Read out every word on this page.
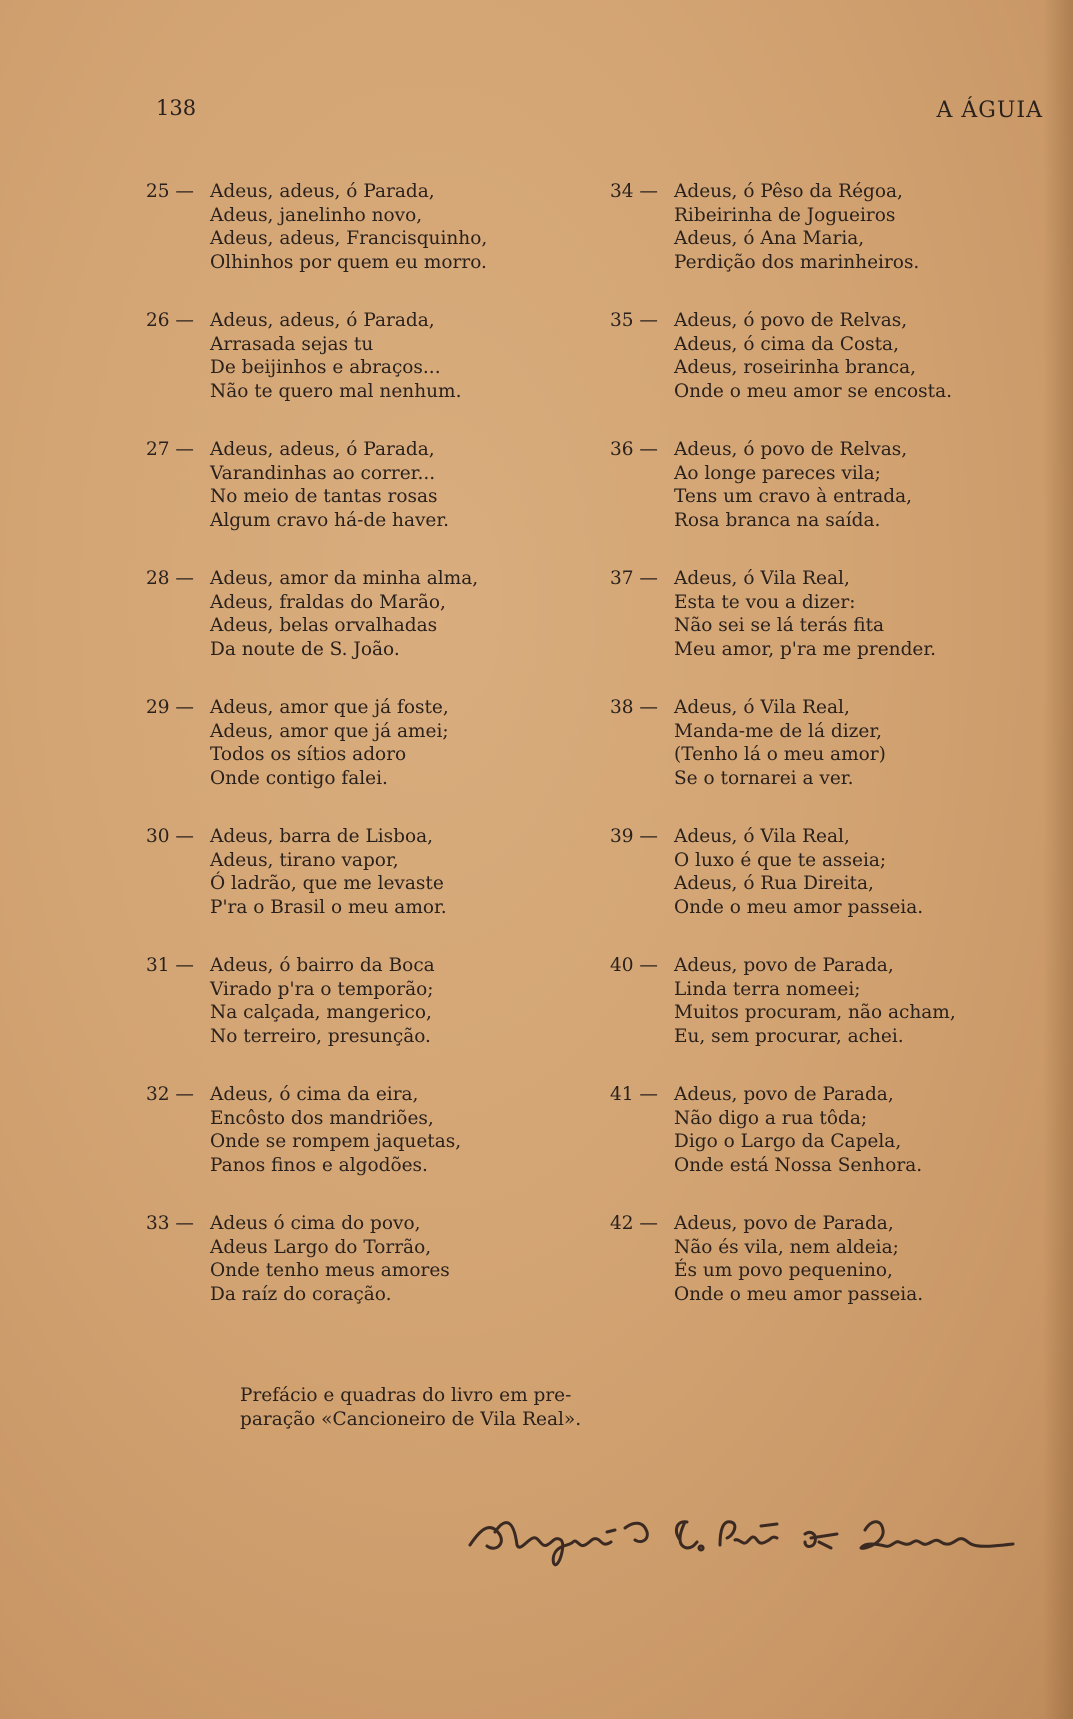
138	A ÁGUIA
25 — Adeus, adeus, ó Parada,
Adeus, janelinho novo,
Adeus, adeus, Francisquinho,
Olhinhos por quem eu morro.
26 — Adeus, adeus, ó Parada,
Arrasada sejas tu
De beijinhos e abraços...
Não te quero mal nenhum.
27 — Adeus, adeus, ó Parada,
Varandinhas ao correr...
No meio de tantas rosas
Algum cravo há-de haver.
28 — Adeus, amor da minha alma,
Adeus, fraldas do Marão,
Adeus, belas orvalhadas
Da noute de S. João.
29 — Adeus, amor que já foste,
Adeus, amor que já amei;
Todos os sítios adoro
Onde contigo falei.
30 — Adeus, barra de Lisboa,
Adeus, tirano vapor,
Ó ladrão, que me levaste
P'ra o Brasil o meu amor.
31 — Adeus, ó bairro da Boca
Virado p'ra o temporão;
Na calçada, mangerico,
No terreiro, presunção.
32 — Adeus, ó cima da eira,
Encôsto dos mandriões,
Onde se rompem jaquetas,
Panos finos e algodões.
33 — Adeus ó cima do povo,
Adeus Largo do Torrão,
Onde tenho meus amores
Da raíz do coração.
34 — Adeus, ó Pêso da Régoa,
Ribeirinha de Jogueiros
Adeus, ó Ana Maria,
Perdição dos marinheiros.
35 — Adeus, ó povo de Relvas,
Adeus, ó cima da Costa,
Adeus, roseirinha branca,
Onde o meu amor se encosta.
36 — Adeus, ó povo de Relvas,
Ao longe pareces vila;
Tens um cravo à entrada,
Rosa branca na saída.
37 — Adeus, ó Vila Real,
Esta te vou a dizer:
Não sei se lá terás fita
Meu amor, p'ra me prender.
38 — Adeus, ó Vila Real,
Manda-me de lá dizer,
(Tenho lá o meu amor)
Se o tornarei a ver.
39 — Adeus, ó Vila Real,
O luxo é que te asseia;
Adeus, ó Rua Direita,
Onde o meu amor passeia.
40 — Adeus, povo de Parada,
Linda terra nomeei;
Muitos procuram, não acham,
Eu, sem procurar, achei.
41 — Adeus, povo de Parada,
Não digo a rua tôda;
Digo o Largo da Capela,
Onde está Nossa Senhora.
42 — Adeus, povo de Parada,
Não és vila, nem aldeia;
És um povo pequenino,
Onde o meu amor passeia.
Prefácio e quadras do livro em pre-
paração «Cancioneiro de Vila Real».
